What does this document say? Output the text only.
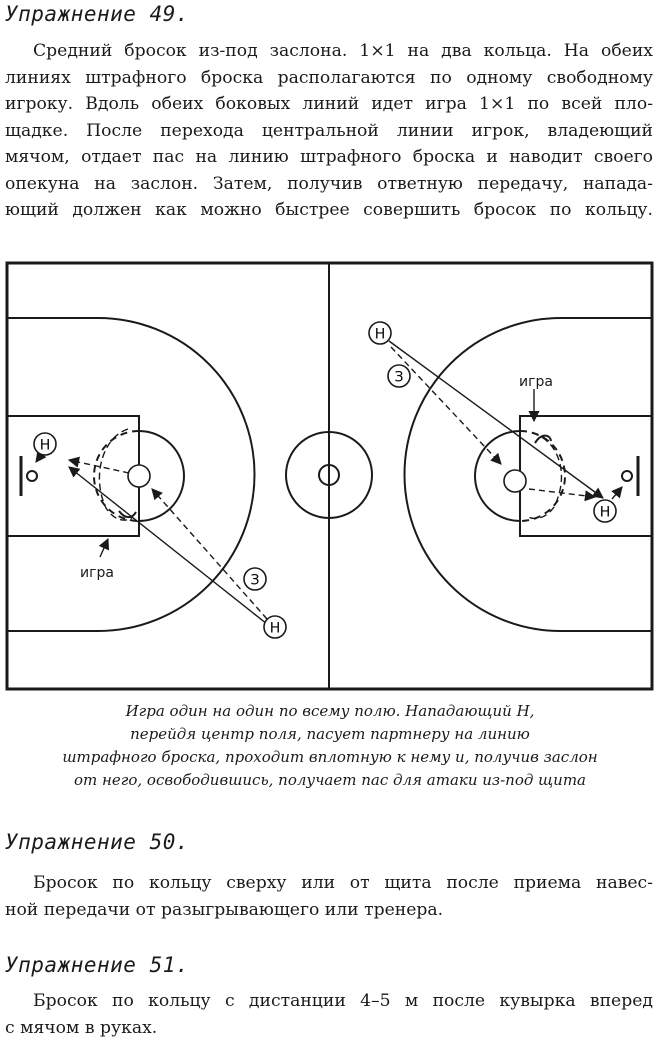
Упражнение 49.
Средний бросок из-под заслона. 1×1 на два кольца. На обеих
линиях штрафного броска располагаются по одному свободному
игроку. Вдоль обеих боковых линий идет игра 1×1 по всей пло-
щадке. После перехода центральной линии игрок, владеющий
мячом, отдает пас на линию штрафного броска и наводит своего
опекуна на заслон. Затем, получив ответную передачу, напада-
ющий должен как можно быстрее совершить бросок по кольцу.
Н
Н
Н
Н
З
З
игра
игра

Игра один на один по всему полю. Нападающий Н,
перейдя центр поля, пасует партнеру на линию
штрафного броска, проходит вплотную к нему и, получив заслон
от него, освободившись, получает пас для атаки из-под щита

Упражнение 50.
Бросок по кольцу сверху или от щита после приема навес-
ной передачи от разыгрывающего или тренера.
Упражнение 51.
Бросок по кольцу с дистанции 4–5 м после кувырка вперед
с мячом в руках.
